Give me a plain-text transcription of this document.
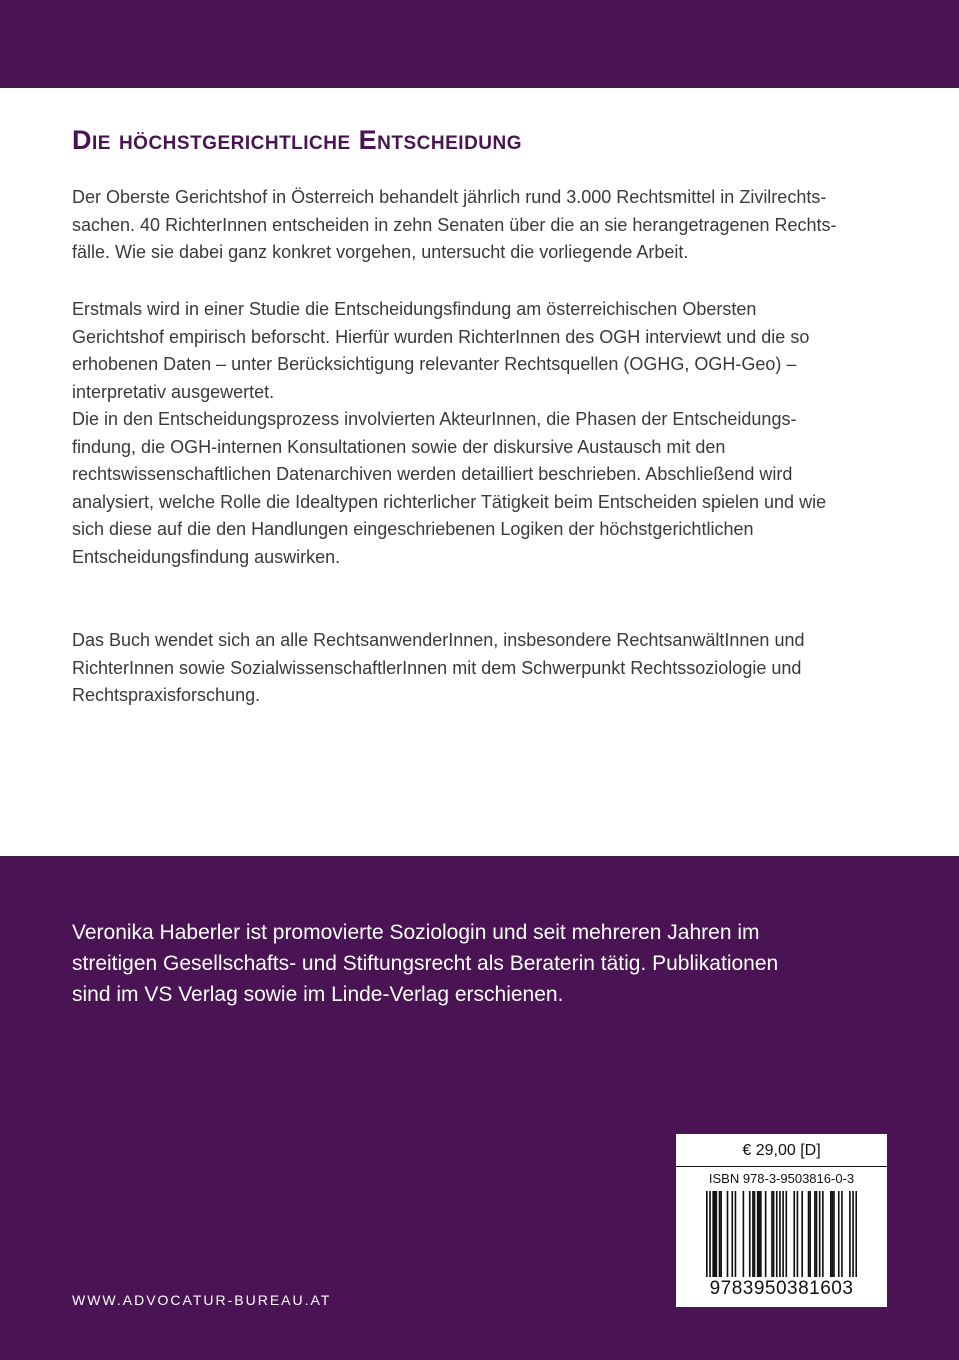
Die höchstgerichtliche Entscheidung

Der Oberste Gerichtshof in Österreich behandelt jährlich rund 3.000 Rechtsmittel in Zivilrechts-
sachen. 40 RichterInnen entscheiden in zehn Senaten über die an sie herangetragenen Rechts-
fälle. Wie sie dabei ganz konkret vorgehen, untersucht die vorliegende Arbeit.

Erstmals wird in einer Studie die Entscheidungsfindung am österreichischen Obersten
Gerichtshof empirisch beforscht. Hierfür wurden RichterInnen des OGH interviewt und die so
erhobenen Daten – unter Berücksichtigung relevanter Rechtsquellen (OGHG, OGH-Geo) –
interpretativ ausgewertet.

Die in den Entscheidungsprozess involvierten AkteurInnen, die Phasen der Entscheidungs-
findung, die OGH-internen Konsultationen sowie der diskursive Austausch mit den
rechtswissenschaftlichen Datenarchiven werden detailliert beschrieben. Abschließend wird
analysiert, welche Rolle die Idealtypen richterlicher Tätigkeit beim Entscheiden spielen und wie
sich diese auf die den Handlungen eingeschriebenen Logiken der höchstgerichtlichen
Entscheidungsfindung auswirken.

Das Buch wendet sich an alle RechtsanwenderInnen, insbesondere RechtsanwältInnen und
RichterInnen sowie SozialwissenschaftlerInnen mit dem Schwerpunkt Rechtssoziologie und
Rechtspraxisforschung.

Veronika Haberler ist promovierte Soziologin und seit mehreren Jahren im
streitigen Gesellschafts- und Stiftungsrecht als Beraterin tätig. Publikationen
sind im VS Verlag sowie im Linde-Verlag erschienen.

WWW.ADVOCATUR-BUREAU.AT
€ 29,00 [D]
ISBN 978-3-9503816-0-3
9783950381603
